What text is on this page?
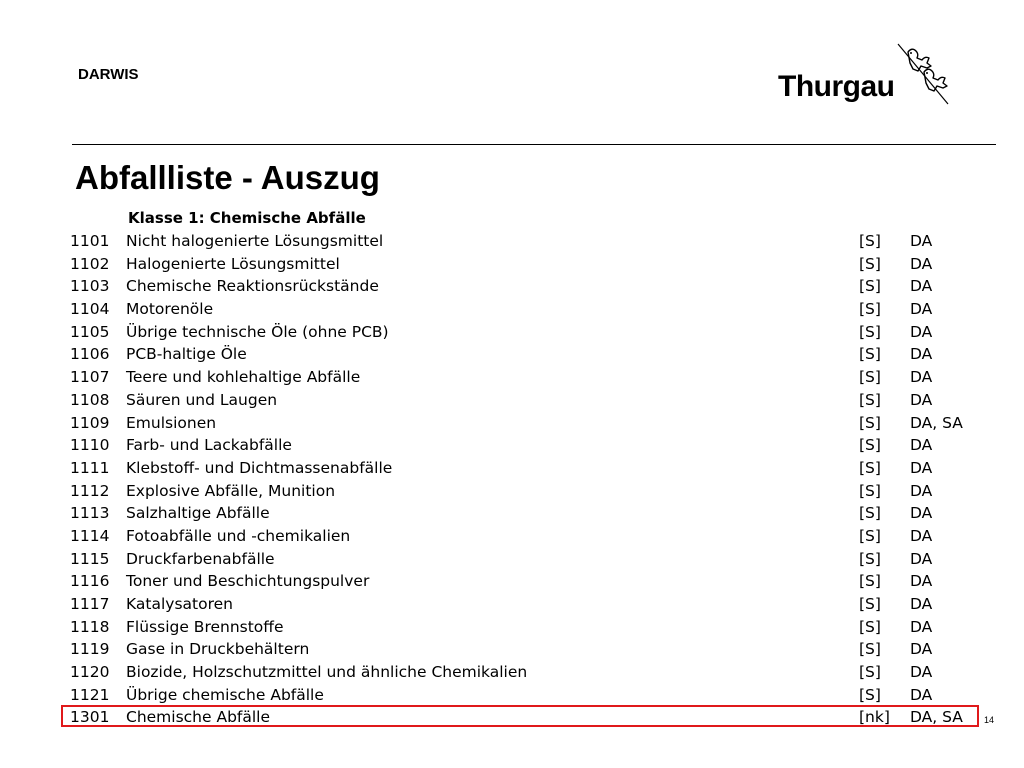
DARWIS	Thurgau
Abfallliste - Auszug
Klasse 1: Chemische Abfälle
1101 Nicht halogenierte Lösungsmittel	[S] DA
1102 Halogenierte Lösungsmittel	[S] DA
1103 Chemische Reaktionsrückstände	[S] DA
1104 Motorenöle	[S] DA
1105 Übrige technische Öle (ohne PCB)	[S] DA
1106 PCB-haltige Öle	[S] DA
1107 Teere und kohlehaltige Abfälle	[S] DA
1108 Säuren und Laugen	[S] DA
1109 Emulsionen	[S] DA, SA
1110 Farb- und Lackabfälle	[S] DA
1111 Klebstoff- und Dichtmassenabfälle	[S] DA
1112 Explosive Abfälle, Munition	[S] DA
1113 Salzhaltige Abfälle	[S] DA
1114 Fotoabfälle und -chemikalien	[S] DA
1115 Druckfarbenabfälle	[S] DA
1116 Toner und Beschichtungspulver	[S] DA
1117 Katalysatoren	[S] DA
1118 Flüssige Brennstoffe	[S] DA
1119 Gase in Druckbehältern	[S] DA
1120 Biozide, Holzschutzmittel und ähnliche Chemikalien	[S] DA
1121 Übrige chemische Abfälle	[S] DA
1301 Chemische Abfälle	[nk] DA, SA 14
